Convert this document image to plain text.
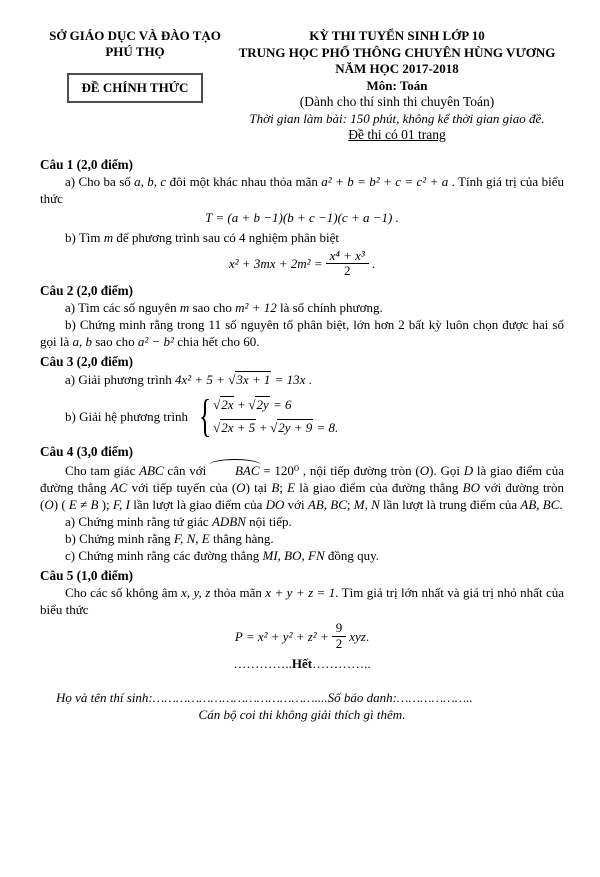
SỞ GIÁO DỤC VÀ ĐÀO TẠO
PHÚ THỌ
ĐỀ CHÍNH THỨC
KỲ THI TUYỂN SINH LỚP 10
TRUNG HỌC PHỔ THÔNG CHUYÊN HÙNG VƯƠNG
NĂM HỌC 2017-2018
Môn: Toán
(Dành cho thí sinh thi chuyên Toán)
Thời gian làm bài: 150 phút, không kể thời gian giao đề.
Đề thi có 01 trang
Câu 1 (2,0 điểm)

a) Cho ba số a, b, c đôi một khác nhau thỏa mãn a² + b = b² + c = c² + a . Tính giá trị của biểu thức

T = (a + b −1)(b + c −1)(c + a −1) .

b) Tìm m để phương trình sau có 4 nghiệm phân biệt

$x^2 + 3mx + 2m^2 = \frac{\text{x⁴ + x³}}{2}$ .
Câu 2 (2,0 điểm)

a) Tìm các số nguyên m sao cho m² + 12 là số chính phương.

b) Chứng minh rằng trong 11 số nguyên tố phân biệt, lớn hơn 2 bất kỳ luôn chọn được hai số gọi là a, b sao cho a² − b² chia hết cho 60.

Câu 3 (2,0 điểm)

a) Giải phương trình 4x² + 5 + √ 3x + 1 = 13x .

b) Giải hệ phương trình { √ 2x + √ 2y = 6
√ 2x + 5 + √ 2y + 9 = 8.
Câu 4 (3,0 điểm)

Cho tam giác ABC cân với BAC = 120⁰ , nội tiếp đường tròn (O). Gọi D là giao điểm của đường thẳng AC với tiếp tuyến của (O) tại B; E là giao điểm của đường thẳng BO với đường tròn (O) ( E ≠ B ); F, I lần lượt là giao điểm của DO với AB, BC; M, N lần lượt là trung điểm của AB, BC.

a) Chứng minh rằng tứ giác ADBN nội tiếp.

b) Chứng minh rằng F, N, E thẳng hàng.

c) Chứng minh rằng các đường thẳng MI, BO, FN đồng quy.

Câu 5 (1,0 điểm)

Cho các số không âm x, y, z thỏa mãn x + y + z = 1. Tìm giá trị lớn nhất và giá trị nhỏ nhất của biểu thức

$P = x^2 + y^2 + z^2 + \frac{9}{2}$ xyz .
…………..Hết…………..
Họ và tên thí sinh:……………………………………....Số báo danh:………………..
Cán bộ coi thi không giải thích gì thêm.
